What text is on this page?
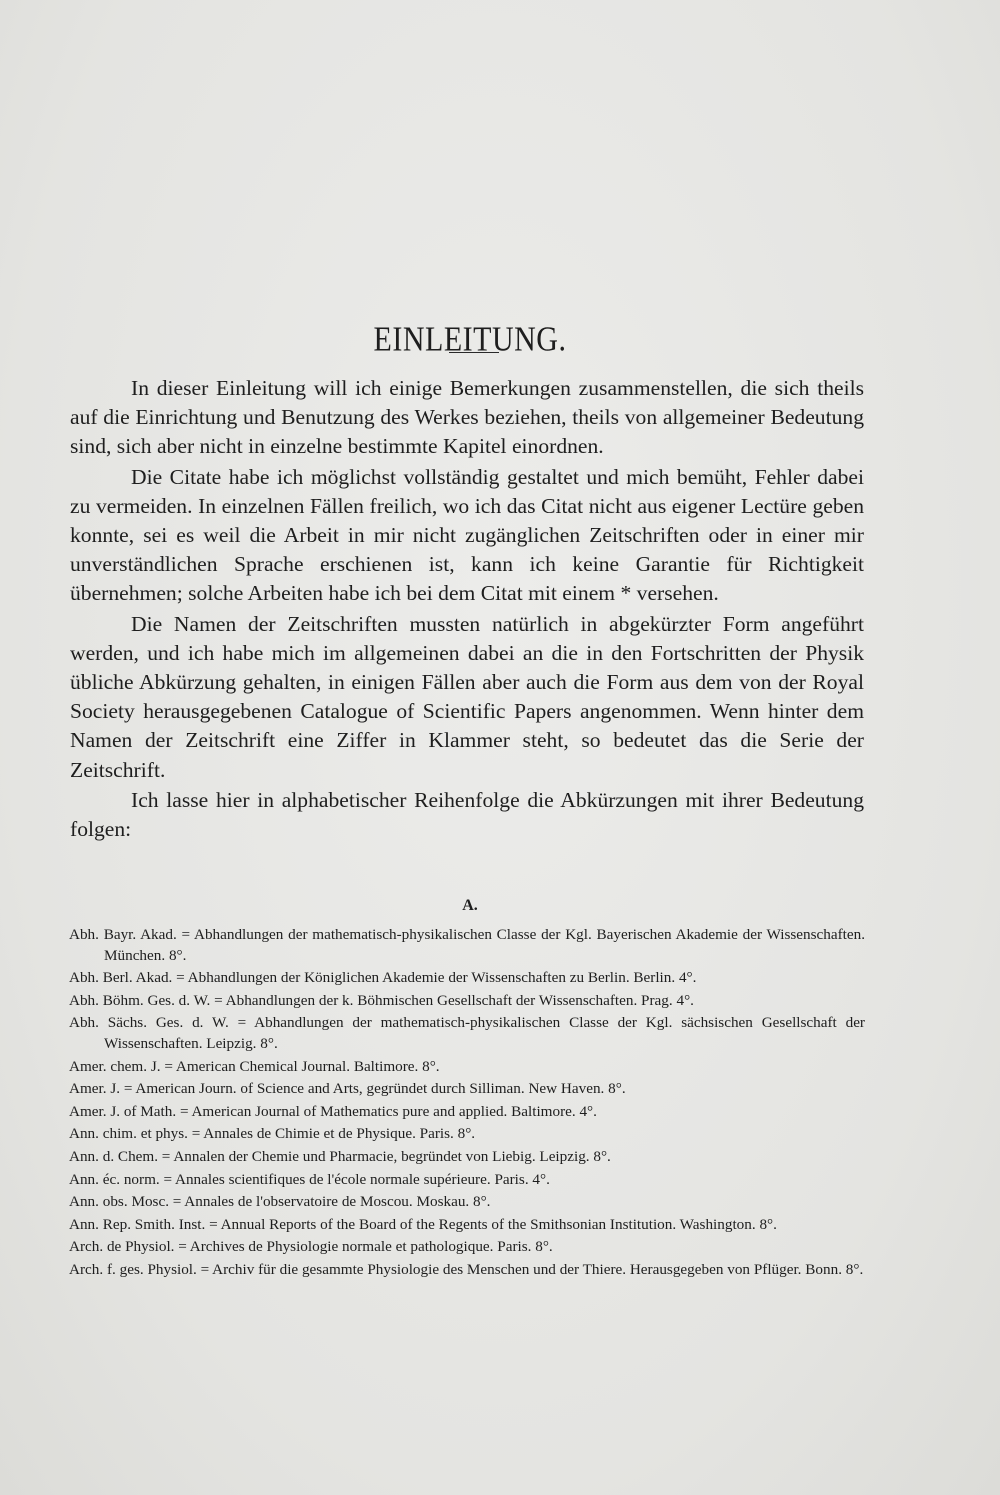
EINLEITUNG.

In dieser Einleitung will ich einige Bemerkungen zusammenstellen, die sich theils auf die Einrichtung und Benutzung des Werkes beziehen, theils von allgemeiner Bedeutung sind, sich aber nicht in einzelne bestimmte Kapitel einordnen.

Die Citate habe ich möglichst vollständig gestaltet und mich bemüht, Fehler dabei zu vermeiden. In einzelnen Fällen freilich, wo ich das Citat nicht aus eigener Lectüre geben konnte, sei es weil die Arbeit in mir nicht zugänglichen Zeitschriften oder in einer mir unverständlichen Sprache erschienen ist, kann ich keine Garantie für Richtigkeit übernehmen; solche Arbeiten habe ich bei dem Citat mit einem * versehen.

Die Namen der Zeitschriften mussten natürlich in abgekürzter Form angeführt werden, und ich habe mich im allgemeinen dabei an die in den Fortschritten der Physik übliche Abkürzung gehalten, in einigen Fällen aber auch die Form aus dem von der Royal Society herausgegebenen Catalogue of Scientific Papers angenommen. Wenn hinter dem Namen der Zeitschrift eine Ziffer in Klammer steht, so bedeutet das die Serie der Zeitschrift.

Ich lasse hier in alphabetischer Reihenfolge die Abkürzungen mit ihrer Bedeutung folgen:

A.

Abh. Bayr. Akad. = Abhandlungen der mathematisch-physikalischen Classe der Kgl. Bayerischen Akademie der Wissenschaften. München. 8°.

Abh. Berl. Akad. = Abhandlungen der Königlichen Akademie der Wissenschaften zu Berlin. Berlin. 4°.

Abh. Böhm. Ges. d. W. = Abhandlungen der k. Böhmischen Gesellschaft der Wissenschaften. Prag. 4°.

Abh. Sächs. Ges. d. W. = Abhandlungen der mathematisch-physikalischen Classe der Kgl. sächsischen Gesellschaft der Wissenschaften. Leipzig. 8°.

Amer. chem. J. = American Chemical Journal. Baltimore. 8°.

Amer. J. = American Journ. of Science and Arts, gegründet durch Silliman. New Haven. 8°.

Amer. J. of Math. = American Journal of Mathematics pure and applied. Baltimore. 4°.

Ann. chim. et phys. = Annales de Chimie et de Physique. Paris. 8°.

Ann. d. Chem. = Annalen der Chemie und Pharmacie, begründet von Liebig. Leipzig. 8°.

Ann. éc. norm. = Annales scientifiques de l'école normale supérieure. Paris. 4°.

Ann. obs. Mosc. = Annales de l'observatoire de Moscou. Moskau. 8°.

Ann. Rep. Smith. Inst. = Annual Reports of the Board of the Regents of the Smithsonian Institution. Washington. 8°.

Arch. de Physiol. = Archives de Physiologie normale et pathologique. Paris. 8°.

Arch. f. ges. Physiol. = Archiv für die gesammte Physiologie des Menschen und der Thiere. Herausgegeben von Pflüger. Bonn. 8°.
